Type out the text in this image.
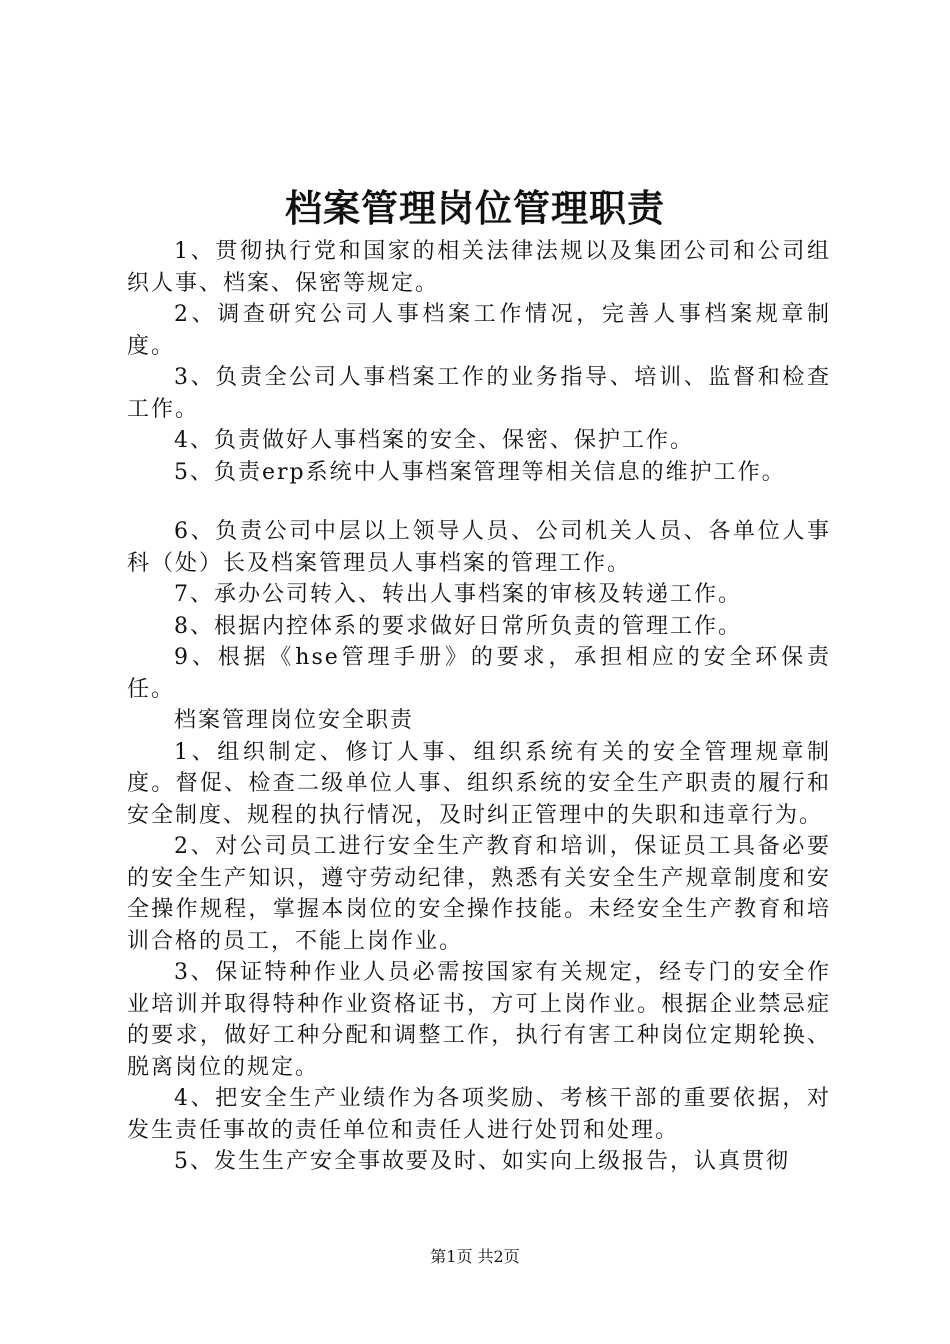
档案管理岗位管理职责

1、贯彻执行党和国家的相关法律法规以及集团公司和公司组织人事、档案、保密等规定。

2、调查研究公司人事档案工作情况，完善人事档案规章制度。

3、负责全公司人事档案工作的业务指导、培训、监督和检查工作。

4、负责做好人事档案的安全、保密、保护工作。

5、负责erp系统中人事档案管理等相关信息的维护工作。

6、负责公司中层以上领导人员、公司机关人员、各单位人事科（处）长及档案管理员人事档案的管理工作。

7、承办公司转入、转出人事档案的审核及转递工作。

8、根据内控体系的要求做好日常所负责的管理工作。

9、根据《hse管理手册》的要求，承担相应的安全环保责任。

档案管理岗位安全职责

1、组织制定、修订人事、组织系统有关的安全管理规章制度。督促、检查二级单位人事、组织系统的安全生产职责的履行和安全制度、规程的执行情况，及时纠正管理中的失职和违章行为。

2、对公司员工进行安全生产教育和培训，保证员工具备必要的安全生产知识，遵守劳动纪律，熟悉有关安全生产规章制度和安全操作规程，掌握本岗位的安全操作技能。未经安全生产教育和培训合格的员工，不能上岗作业。

3、保证特种作业人员必需按国家有关规定，经专门的安全作业培训并取得特种作业资格证书，方可上岗作业。根据企业禁忌症的要求，做好工种分配和调整工作，执行有害工种岗位定期轮换、脱离岗位的规定。

4、把安全生产业绩作为各项奖励、考核干部的重要依据，对发生责任事故的责任单位和责任人进行处罚和处理。

5、发生生产安全事故要及时、如实向上级报告，认真贯彻

第1页 共2页
